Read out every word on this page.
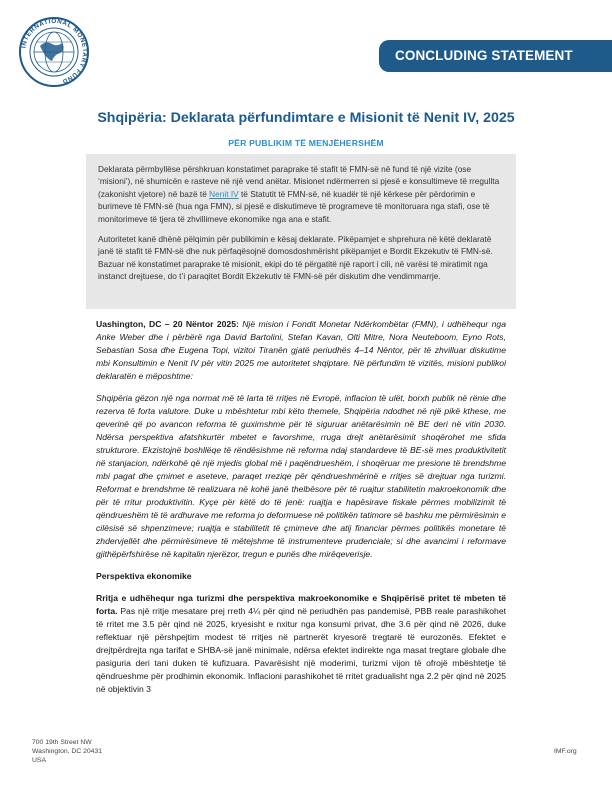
INTERNATIONAL MONETARY FUND
CONCLUDING STATEMENT
Shqipëria: Deklarata përfundimtare e Misionit të Nenit IV, 2025
PËR PUBLIKIM TË MENJËHERSHËM

Deklarata përmbyllëse përshkruan konstatimet paraprake të stafit të FMN-së në fund të një vizite (ose ‘misioni’), në shumicën e rasteve në një vend anëtar. Misionet ndërmerren si pjesë e konsultimeve të rregullta (zakonisht vjetore) në bazë të Nenit IV të Statutit të FMN-së, në kuadër të një kërkese për përdorimin e burimeve të FMN-së (hua nga FMN), si pjesë e diskutimeve të programeve të monitoruara nga stafi, ose të monitorimeve të tjera të zhvillimeve ekonomike nga ana e stafit.

Autoritetet kanë dhënë pëlqimin për publikimin e kësaj deklarate. Pikëpamjet e shprehura në këtë deklaratë janë të stafit të FMN-së dhe nuk përfaqësojnë domosdoshmërisht pikëpamjet e Bordit Ekzekutiv të FMN-së. Bazuar në konstatimet paraprake të misionit, ekipi do të përgatitë një raport i cili, në varësi të miratimit nga instanct drejtuese, do t’i paraqitet Bordit Ekzekutiv të FMN-së për diskutim dhe vendimmarrje.

Uashington, DC – 20 Nëntor 2025: Një mision i Fondit Monetar Ndërkombëtar (FMN), i udhëhequr nga Anke Weber dhe i përbërë nga David Bartolini, Stefan Kavan, Olti Mitre, Nora Neuteboom, Eyno Rots, Sebastian Sosa dhe Eugena Topi, vizitoi Tiranën gjatë periudhës 4–14 Nëntor, për të zhvilluar diskutime mbi Konsultimin e Nenit IV për vitin 2025 me autoritetet shqiptare. Në përfundim të vizitës, misioni publikoi deklaratën e mëposhtme:

Shqipëria gëzon një nga normat më të larta të rritjes në Evropë, inflacion të ulët, borxh publik në rënie dhe rezerva të forta valutore. Duke u mbështetur mbi këto themele, Shqipëria ndodhet në një pikë kthese, me qeverinë që po avancon reforma të guximshme për të siguruar anëtarësimin në BE deri në vitin 2030. Ndërsa perspektiva afatshkurtër mbetet e favorshme, rruga drejt anëtarësimit shoqërohet me sfida strukturore. Ekzistojnë boshllëqe të rëndësishme në reforma ndaj standardeve të BE-së mes produktivitetit në stanjacion, ndërkohë që një mjedis global më i paqëndrueshëm, i shoqëruar me presione të brendshme mbi pagat dhe çmimet e aseteve, paraqet rreziqe për qëndrueshmërinë e rritjes së drejtuar nga turizmi. Reformat e brendshme të realizuara në kohë janë thelbësore për të ruajtur stabilitetin makroekonomik dhe për të rritur produktivitin. Kyçe për këtë do të jenë: ruajtja e hapësirave fiskale përmes mobilizimit të qëndrueshëm të të ardhurave me reforma jo deformuese në politikën tatimore së bashku me përmirësimin e cilësisë së shpenzimeve; ruajtja e stabilitetit të çmimeve dhe atij financiar përmes politikës monetare të zhdervjellët dhe përmirësimeve të mëtejshme të instrumenteve prudenciale; si dhe avancimi i reformave gjithëpërfshirëse në kapitalin njerëzor, tregun e punës dhe mirëqeverisje.

Perspektiva ekonomike

Rritja e udhëhequr nga turizmi dhe perspektiva makroekonomike e Shqipërisë pritet të mbeten të forta. Pas një rritje mesatare prej rreth 4¼ për qind në periudhën pas pandemisë, PBB reale parashikohet të rritet me 3.5 për qind në 2025, kryesisht e nxitur nga konsumi privat, dhe 3.6 për qind në 2026, duke reflektuar një përshpejtim modest të rritjes në partnerët kryesorë tregtarë të eurozonës. Efektet e drejtpërdrejta nga tarifat e SHBA-së janë minimale, ndërsa efektet indirekte nga masat tregtare globale dhe pasiguria deri tani duken të kufizuara. Pavarësisht një moderimi, turizmi vijon të ofrojë mbështetje të qëndrueshme për prodhimin ekonomik. Inflacioni parashikohet të rritet gradualisht nga 2.2 për qind në 2025 në objektivin 3

700 19th Street NW
Washington, DC 20431
USA
IMF.org
